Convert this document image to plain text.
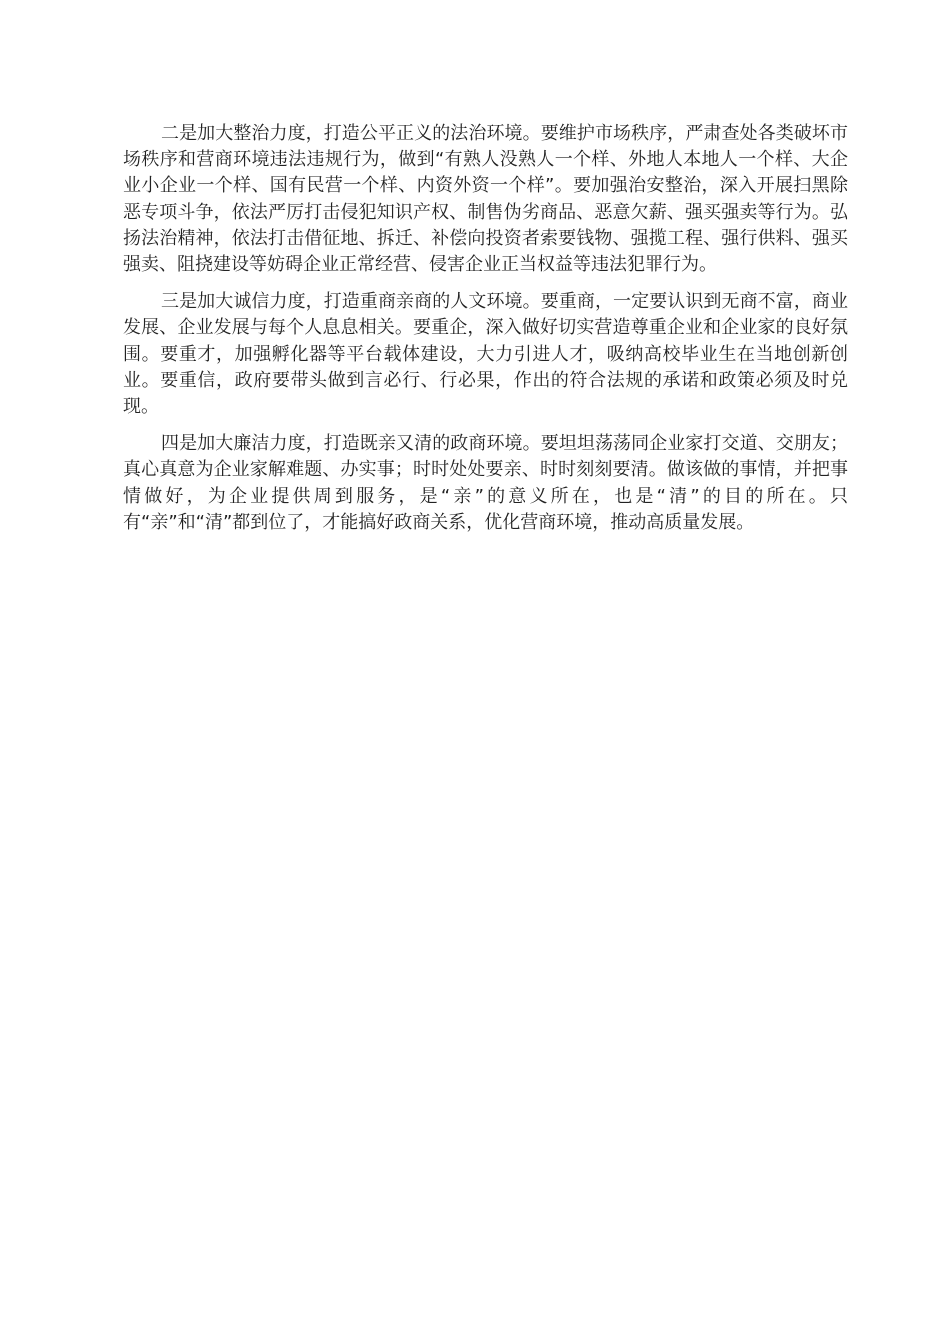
二是加大整治力度，打造公平正义的法治环境。要维护市场秩序，严肃查处各类破坏市场秩序和营商环境违法违规行为，做到“有熟人没熟人一个样、外地人本地人一个样、大企业小企业一个样、国有民营一个样、内资外资一个样”。要加强治安整治，深入开展扫黑除恶专项斗争，依法严厉打击侵犯知识产权、制售伪劣商品、恶意欠薪、强买强卖等行为。弘扬法治精神，依法打击借征地、拆迁、补偿向投资者索要钱物、强揽工程、强行供料、强买强卖、阻挠建设等妨碍企业正常经营、侵害企业正当权益等违法犯罪行为。

三是加大诚信力度，打造重商亲商的人文环境。要重商，一定要认识到无商不富，商业发展、企业发展与每个人息息相关。要重企，深入做好切实营造尊重企业和企业家的良好氛围。要重才，加强孵化器等平台载体建设，大力引进人才，吸纳高校毕业生在当地创新创业。要重信，政府要带头做到言必行、行必果，作出的符合法规的承诺和政策必须及时兑现。

四是加大廉洁力度，打造既亲又清的政商环境。要坦坦荡荡同企业家打交道、交朋友；真心真意为企业家解难题、办实事；时时处处要亲、时时刻刻要清。做该做的事情，并把事情做好，为企业提供周到服务，是“亲”的意义所在，也是“清”的目的所在。只有“亲”和“清”都到位了，才能搞好政商关系，优化营商环境，推动高质量发展。
